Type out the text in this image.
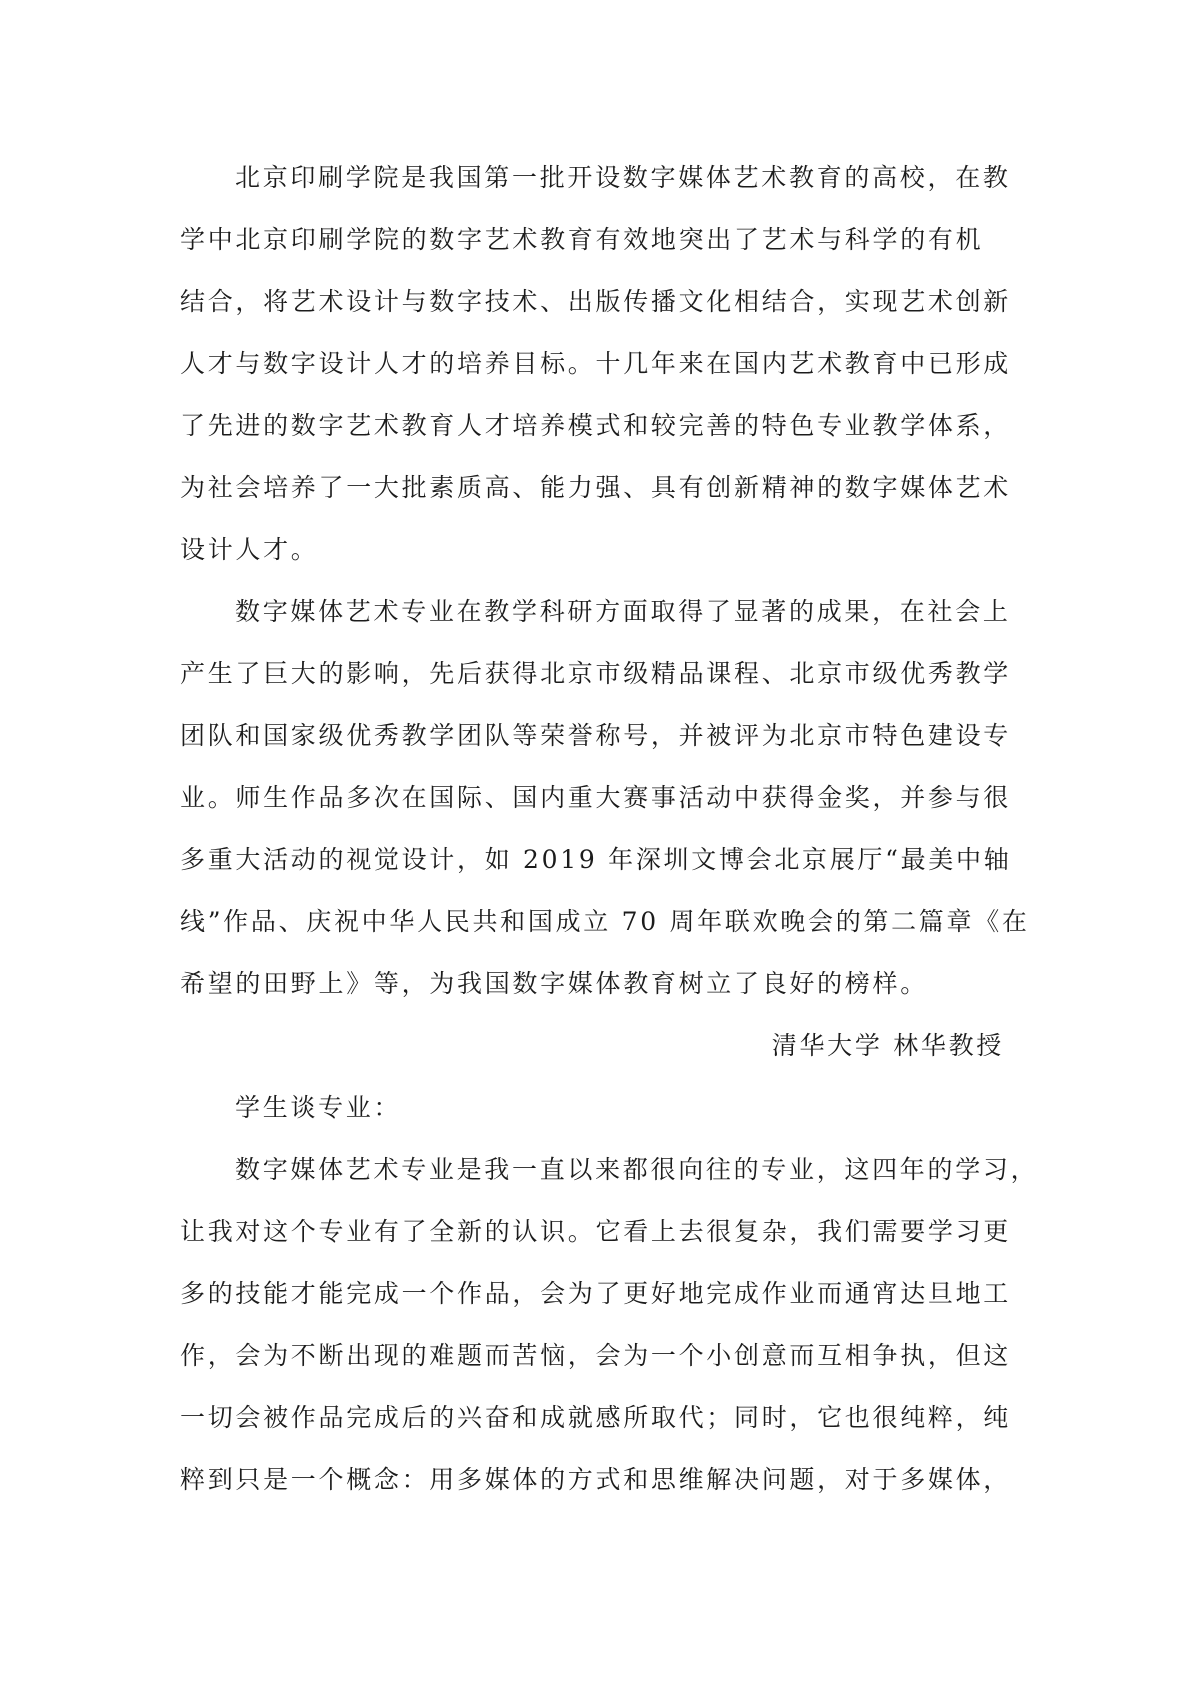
北京印刷学院是我国第一批开设数字媒体艺术教育的高校，在教
学中北京印刷学院的数字艺术教育有效地突出了艺术与科学的有机
结合，将艺术设计与数字技术、出版传播文化相结合，实现艺术创新
人才与数字设计人才的培养目标。十几年来在国内艺术教育中已形成
了先进的数字艺术教育人才培养模式和较完善的特色专业教学体系，
为社会培养了一大批素质高、能力强、具有创新精神的数字媒体艺术
设计人才。

数字媒体艺术专业在教学科研方面取得了显著的成果，在社会上
产生了巨大的影响，先后获得北京市级精品课程、北京市级优秀教学
团队和国家级优秀教学团队等荣誉称号，并被评为北京市特色建设专
业。师生作品多次在国际、国内重大赛事活动中获得金奖，并参与很
多重大活动的视觉设计，如 2019 年深圳文博会北京展厅“最美中轴
线”作品、庆祝中华人民共和国成立 70 周年联欢晚会的第二篇章《在
希望的田野上》等，为我国数字媒体教育树立了良好的榜样。

清华大学 林华教授

学生谈专业：

数字媒体艺术专业是我一直以来都很向往的专业，这四年的学习，
让我对这个专业有了全新的认识。它看上去很复杂，我们需要学习更
多的技能才能完成一个作品，会为了更好地完成作业而通宵达旦地工
作，会为不断出现的难题而苦恼，会为一个小创意而互相争执，但这
一切会被作品完成后的兴奋和成就感所取代；同时，它也很纯粹，纯
粹到只是一个概念：用多媒体的方式和思维解决问题，对于多媒体，
